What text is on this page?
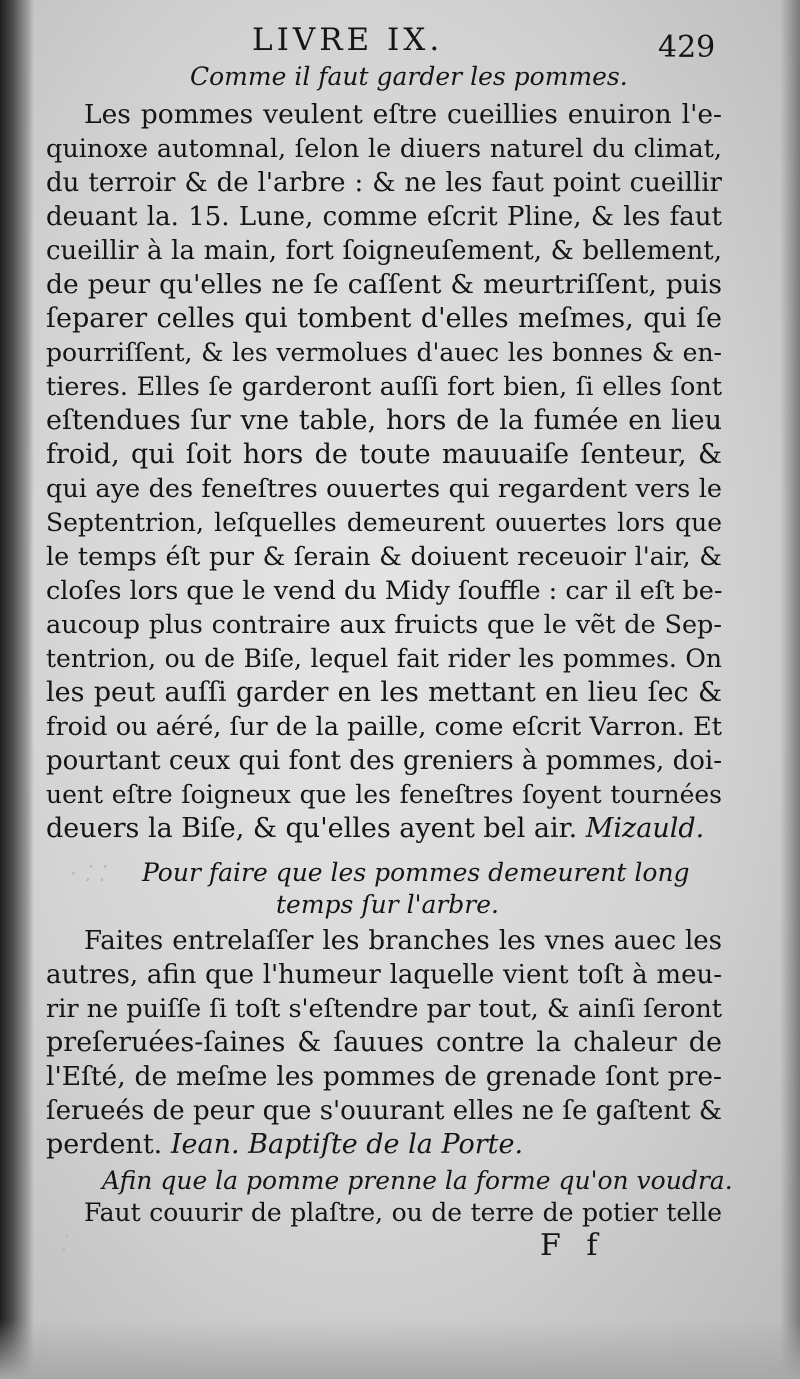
· ⁚ ⁚
⁚
LIVRE IX.	429
Comme il faut garder les pommes.
Les pommes veulent eſtre cueillies enuiron l'e-
quinoxe automnal, ſelon le diuers naturel du climat,
du terroir & de l'arbre : & ne les faut point cueillir
deuant la. 15. Lune, comme eſcrit Pline, & les faut
cueillir à la main, fort ſoigneuſement, & bellement,
de peur qu'elles ne ſe caſſent & meurtriſſent, puis
ſeparer celles qui tombent d'elles meſmes, qui ſe
pourriſſent, & les vermolues d'auec les bonnes & en-
tieres. Elles ſe garderont auſſi fort bien, ſi elles ſont
eſtendues ſur vne table, hors de la fumée en lieu
froid, qui ſoit hors de toute mauuaiſe ſenteur, &
qui aye des feneſtres ouuertes qui regardent vers le
Septentrion, leſquelles demeurent ouuertes lors que
le temps éſt pur & ſerain & doiuent receuoir l'air, &
cloſes lors que le vend du Midy ſouffle : car il eſt be-
aucoup plus contraire aux fruicts que le vẽt de Sep-
tentrion, ou de Biſe, lequel fait rider les pommes. On
les peut auſſi garder en les mettant en lieu ſec &
froid ou aéré, ſur de la paille, come eſcrit Varron. Et
pourtant ceux qui font des greniers à pommes, doi-
uent eſtre ſoigneux que les feneſtres ſoyent tournées
deuers la Biſe, & qu'elles ayent bel air. Mizauld.
Pour faire que les pommes demeurent long
temps ſur l'arbre.
Faites entrelaſſer les branches les vnes auec les
autres, afin que l'humeur laquelle vient toſt à meu-
rir ne puiſſe ſi toſt s'eſtendre par tout, & ainſi ſeront
preſeruées-ſaines & ſauues contre la chaleur de
l'Eſté, de meſme les pommes de grenade ſont pre-
ſerueés de peur que s'ouurant elles ne ſe gaſtent &
perdent. Iean. Baptiſte de la Porte.
Afin que la pomme prenne la forme qu'on voudra.
Faut couurir de plaſtre, ou de terre de potier telle
F f
